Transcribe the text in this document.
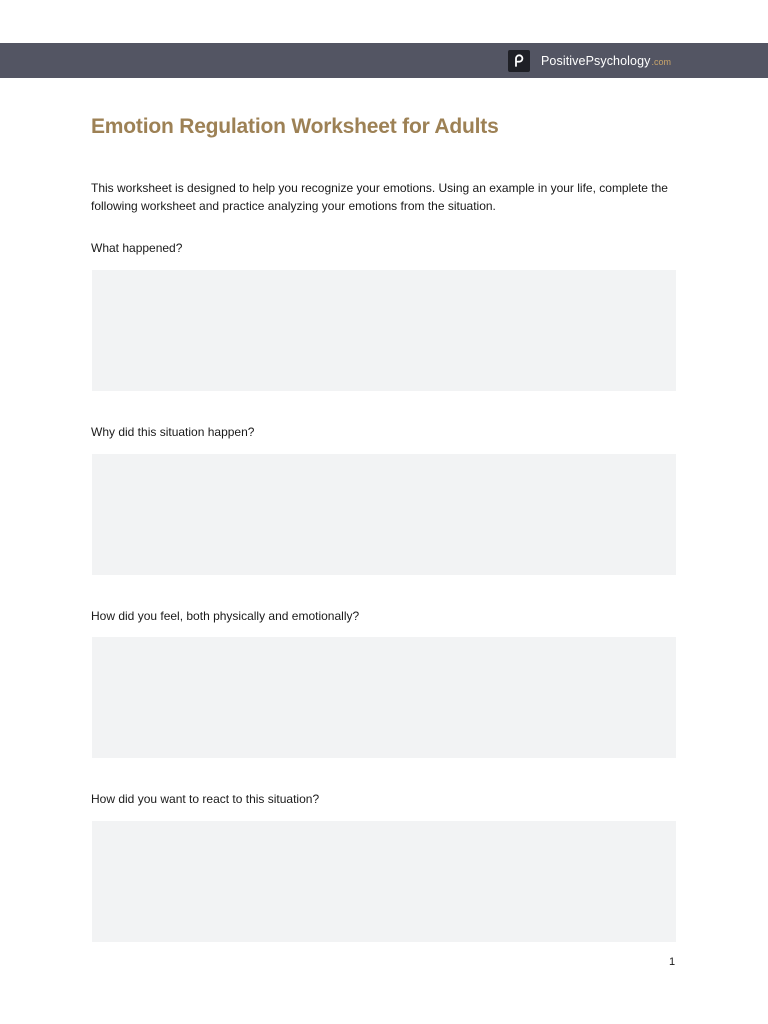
PositivePsychology .com
Emotion Regulation Worksheet for Adults

This worksheet is designed to help you recognize your emotions. Using an example in your life, complete the following worksheet and practice analyzing your emotions from the situation.

What happened?

Why did this situation happen?

How did you feel, both physically and emotionally?

How did you want to react to this situation?

1
